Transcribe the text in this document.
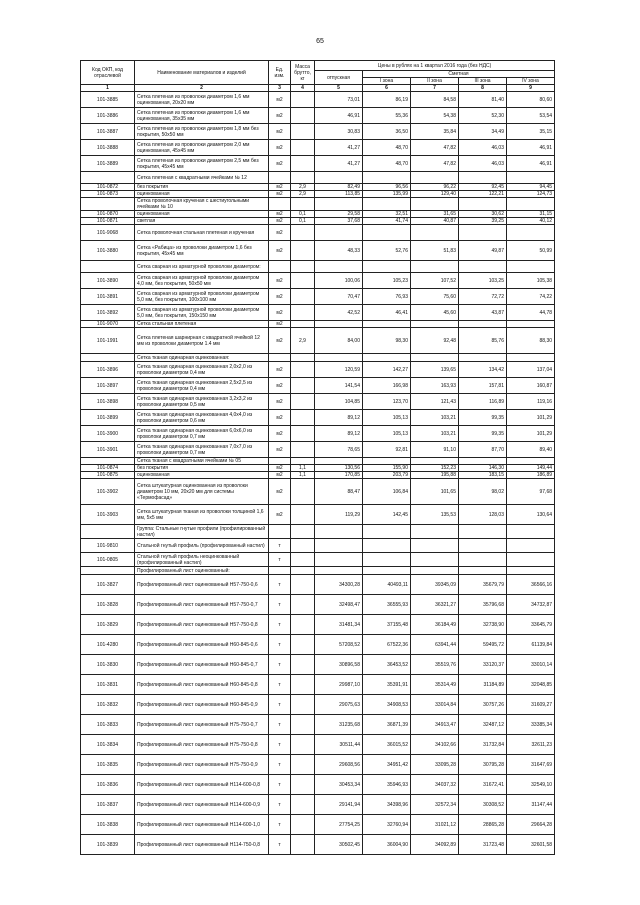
65
Код ОКП, код отраслевой	Наименование материалов и изделий	Ед. изм.	Масса брутто, кг	Цены в рублях на 1 квартал 2016 года (без НДС)				
				отпускная	Сметная			
					I зона	II зона	III зона	IV зона
1	2	3	4	5	6	7	8	9
101-3885	Сетка плетеная из проволоки диаметром 1,6 мм оцинкованная, 20х20 мм	м2		73,01	86,19	84,58	81,40	80,60
101-3886	Сетка плетеная из проволоки диаметром 1,6 мм оцинкованная, 35х35 мм	м2		46,91	55,36	54,38	52,30	53,54
101-3887	Сетка плетеная из проволоки диаметром 1,8 мм без покрытия, 50х50 мм	м2		30,83	36,50	35,84	34,49	35,15
101-3888	Сетка плетеная из проволоки диаметром 2,0 мм оцинкованная, 45х45 мм	м2		41,27	48,70	47,82	46,03	46,91
101-3889	Сетка плетеная из проволоки диаметром 2,5 мм без покрытия, 45х45 мм	м2		41,27	48,70	47,82	46,03	46,91
	Сетка плетеная с квадратными ячейками № 12							
101-0872	без покрытия	м2	2,9	82,49	96,56	96,22	92,45	94,45
101-0873	оцинкованная	м2	2,9	113,85	135,99	129,40	122,21	124,73
	Сетка проволочная крученая с шестиугольными ячейками № 10							
101-0870	оцинкованная	м2	0,1	29,58	32,51	31,65	30,62	31,15
101-0871	светлая	м2	0,1	37,68	41,74	40,87	39,25	40,12
101-9068	Сетка проволочная стальная плетеная и крученая	м2						
101-3880	Сетка «Рабица» из проволоки диаметром 1,6 без покрытия, 45х45 мм	м2		48,33	52,76	51,83	49,87	50,99
	Сетка сварная из арматурной проволоки диаметром:							
101-3890	Сетка сварная из арматурной проволоки диаметром 4,0 мм, без покрытия, 50х50 мм	м2		100,06	105,23	107,52	103,25	105,38
101-3891	Сетка сварная из арматурной проволоки диаметром 5,0 мм, без покрытия, 100х100 мм	м2		70,47	76,93	75,60	72,72	74,22
101-3892	Сетка сварная из арматурной проволоки диаметром 5,0 мм, без покрытия, 150х150 мм	м2		42,52	46,41	45,60	43,87	44,78
101-9070	Сетка стальная плетеная	м2						
101-1991	Сетка плетеная шарнирная с квадратной ячейкой 12 мм из проволоки диаметром 1.4 мм	м2	2,9	84,00	98,30	92,48	85,76	88,30
	Сетка тканая одинарная оцинкованная:							
101-3896	Сетка тканая одинарная оцинкованная 2,0х2,0 из проволоки диаметром 0,4 мм	м2		120,59	142,27	139,65	134,42	137,04
101-3897	Сетка тканая одинарная оцинкованная 2,5х2,5 из проволоки диаметром 0,4 мм	м2		141,54	166,98	163,93	157,81	160,87
101-3898	Сетка тканая одинарная оцинкованная 3,2х3,2 из проволоки диаметром 0,5 мм	м2		104,85	123,70	121,43	116,89	119,16
101-3899	Сетка тканая одинарная оцинкованная 4,0х4,0 из проволоки диаметром 0,6 мм	м2		89,12	105,13	103,21	99,35	101,29
101-3900	Сетка тканая одинарная оцинкованная 6,0х6,0 из проволоки диаметром 0,7 мм	м2		89,12	105,13	103,21	99,35	101,29
101-3901	Сетка тканая одинарная оцинкованная 7,0х7,0 из проволоки диаметром 0,7 мм	м2		78,65	92,81	91,10	87,70	89,40
	Сетка тканая с квадратными ячейками № 05							
101-0874	без покрытия	м2	1,1	130,56	155,90	152,23	146,30	149,44
101-0875	оцинкованная	м2	1,1	170,85	203,79	195,88	183,15	186,89
101-3902	Сетка штукатурная оцинкованная из проволоки диаметром 10 мм, 20х20 мм для системы «Термофасад»	м2		88,47	106,84	101,65	98,02	97,68
101-3903	Сетка штукатурная тканая из проволоки толщиной 1,6 мм, 5х5 мм	м2		119,29	142,45	135,53	128,03	130,64
	Группа: Стальные гнутые профили (профилированный настил)							
101-9810	Стальной гнутый профиль (профилированный настил)	т						
101-0805	Стальной гнутый профиль неоцинкованный (профилированный настил)	т						
	Профилированный лист оцинкованный:							
101-3827	Профилированный лист оцинкованный Н57-750-0,6	т		34300,28	40493,11	39345,09	35679,79	36566,16
101-3828	Профилированный лист оцинкованный Н57-750-0,7	т		32498,47	36555,93	36321,27	35796,68	34732,87
101-3829	Профилированный лист оцинкованный Н57-750-0,8	т		31481,34	37155,48	36184,49	32738,90	33645,79
101-4280	Профилированный лист оцинкованный Н60-845-0,6	т		57208,52	67522,36	63941,44	59495,72	61139,84
101-3830	Профилированный лист оцинкованный Н60-845-0,7	т		30896,58	36453,52	35519,76	33120,37	33010,14
101-3831	Профилированный лист оцинкованный Н60-845-0,8	т		29987,10	35391,91	35314,49	31184,89	32048,85
101-3832	Профилированный лист оцинкованный Н60-845-0,9	т		29075,63	34908,53	33014,84	30757,26	31609,27
101-3833	Профилированный лист оцинкованный Н75-750-0,7	т		31235,68	36871,39	34913,47	32487,12	33385,34
101-3834	Профилированный лист оцинкованный Н75-750-0,8	т		30511,44	36015,52	34102,66	31732,84	32611,23
101-3835	Профилированный лист оцинкованный Н75-750-0,9	т		29608,56	34951,42	33095,28	30795,28	31647,69
101-3836	Профилированный лист оцинкованный Н114-600-0,8	т		30453,34	35946,93	34037,32	31672,41	32549,10
101-3837	Профилированный лист оцинкованный Н114-600-0,9	т		29141,94	34398,96	32572,34	30308,52	31147,44
101-3838	Профилированный лист оцинкованный Н114-600-1,0	т		27754,25	32760,94	31021,12	28865,28	29664,28
101-3839	Профилированный лист оцинкованный Н114-750-0,8	т		30502,45	36004,90	34092,89	31723,48	32601,58
